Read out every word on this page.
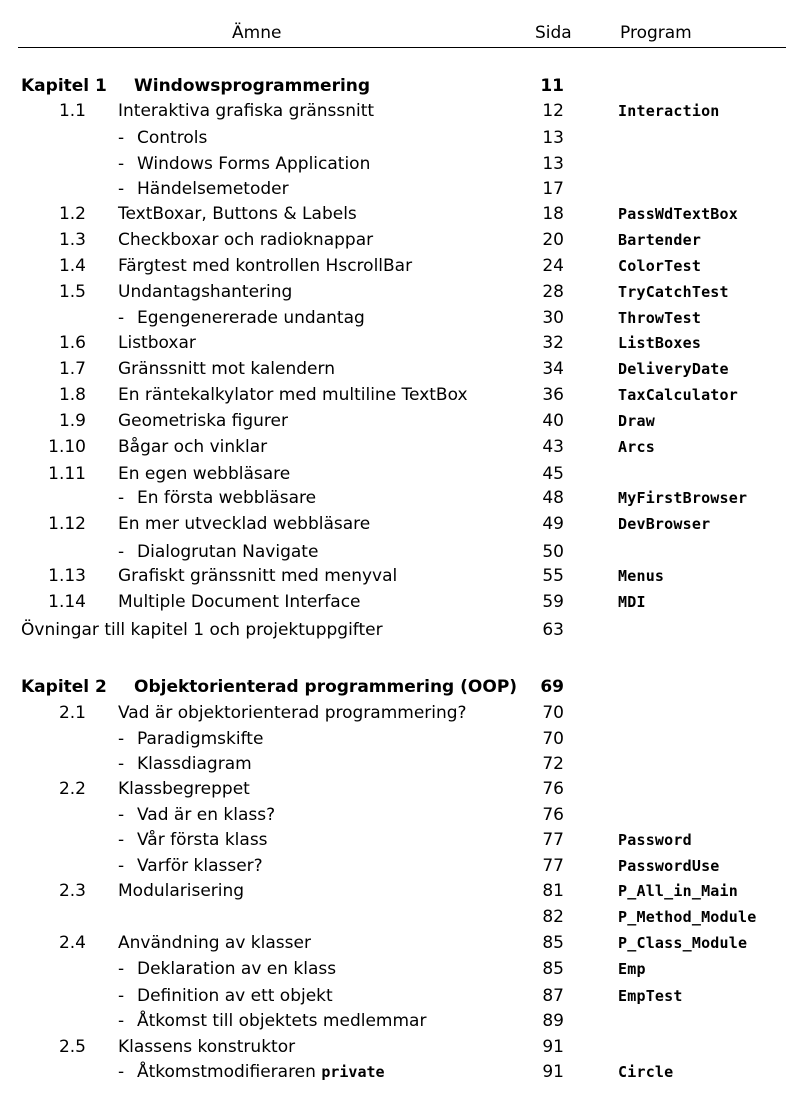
Ämne	Sida	Program
Kapitel 1 Windowsprogrammering	11
1.1 Interaktiva grafiska gränssnitt	12	Interaction
- Controls	13
- Windows Forms Application	13
- Händelsemetoder	17
1.2 TextBoxar, Buttons & Labels	18	PassWdTextBox
1.3 Checkboxar och radioknappar	20	Bartender
1.4 Färgtest med kontrollen HscrollBar	24	ColorTest
1.5 Undantagshantering	28	TryCatchTest
- Egengenererade undantag	30	ThrowTest
1.6 Listboxar	32	ListBoxes
1.7 Gränssnitt mot kalendern	34	DeliveryDate
1.8 En räntekalkylator med multiline TextBox	36	TaxCalculator
1.9 Geometriska figurer	40	Draw
1.10 Bågar och vinklar	43	Arcs
1.11 En egen webbläsare	45
- En första webbläsare	48	MyFirstBrowser
1.12 En mer utvecklad webbläsare	49	DevBrowser
- Dialogrutan Navigate	50
1.13 Grafiskt gränssnitt med menyval	55	Menus
1.14 Multiple Document Interface	59	MDI
Övningar till kapitel 1 och projektuppgifter	63
Kapitel 2 Objektorienterad programmering (OOP) 69
2.1 Vad är objektorienterad programmering?	70
- Paradigmskifte	70
- Klassdiagram	72
2.2 Klassbegreppet	76
- Vad är en klass?	76
- Vår första klass	77	Password
- Varför klasser?	77	PasswordUse
2.3 Modularisering	81	P_All_in_Main
82	P_Method_Module
2.4 Användning av klasser	85	P_Class_Module
- Deklaration av en klass	85	Emp
- Definition av ett objekt	87	EmpTest
- Åtkomst till objektets medlemmar	89
2.5 Klassens konstruktor	91
- Åtkomstmodifieraren private	91	Circle
